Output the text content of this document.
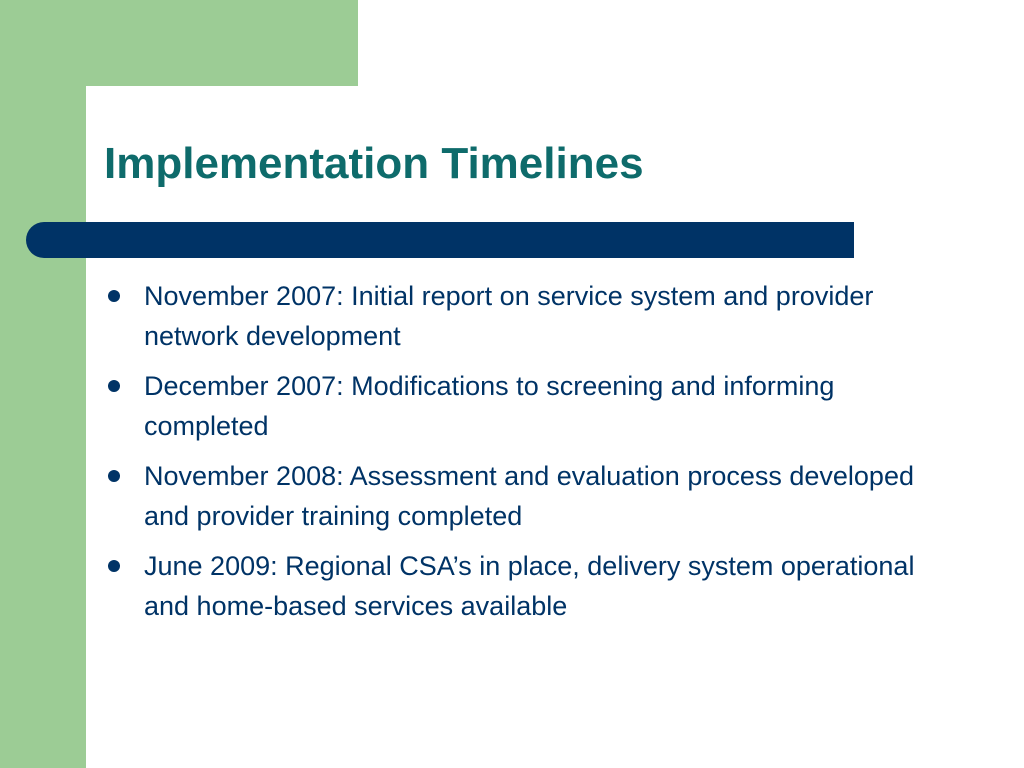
Implementation Timelines
November 2007: Initial report on service system and provider network development
December 2007: Modifications to screening and informing completed
November 2008: Assessment and evaluation process developed and provider training completed
June 2009: Regional CSA’s in place, delivery system operational and home-based services available
